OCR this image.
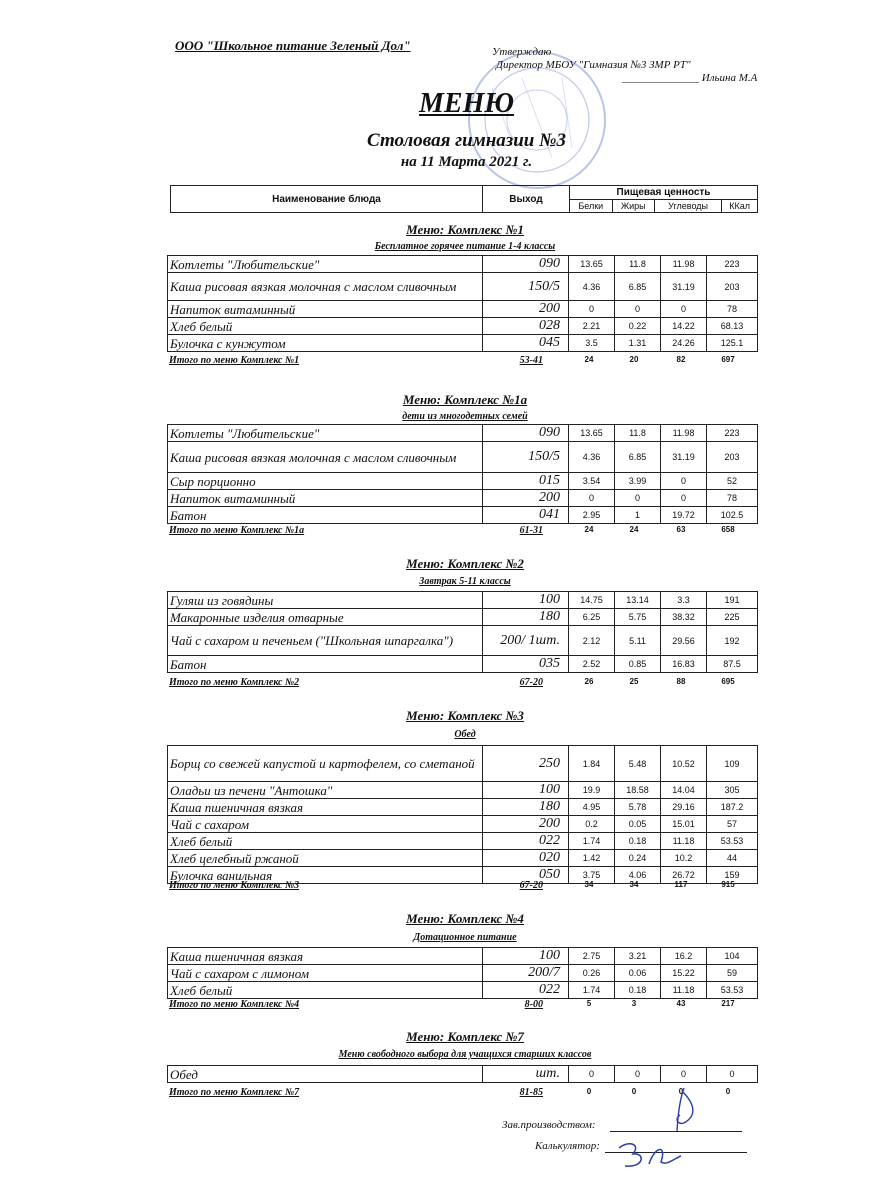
ООО "Школьное питание Зеленый Дол"	Утверждаю
Директор МБОУ "Гимназия №3 ЗМР РТ"
______________ Ильина М.А
МЕНЮ
Столовая гимназии №3
на 11 Марта 2021 г.
Наименование блюда	Выход	Пищевая ценность			
		Белки	Жиры	Углеводы	ККал
Меню: Комплекс №1
Бесплатное горячее питание 1-4 классы
Котлеты "Любительские"	090	13.65	11.8	11.98	223
Каша рисовая вязкая молочная с маслом сливочным	150/5	4.36	6.85	31.19	203
Напиток витаминный	200	0	0	0	78
Хлеб белый	028	2.21	0.22	14.22	68.13
Булочка с кунжутом	045	3.5	1.31	24.26	125.1
Итого по меню Комплекс №1	53-41	24	20	82	697
Меню: Комплекс №1а
дети из многодетных семей
Котлеты "Любительские"	090	13.65	11.8	11.98	223
Каша рисовая вязкая молочная с маслом сливочным	150/5	4.36	6.85	31.19	203
Сыр порционно	015	3.54	3.99	0	52
Напиток витаминный	200	0	0	0	78
Батон	041	2.95	1	19.72	102.5
Итого по меню Комплекс №1а	61-31	24	24	63	658
Меню: Комплекс №2
Завтрак 5-11 классы
Гуляш из говядины	100	14.75	13.14	3.3	191
Макаронные изделия отварные	180	6.25	5.75	38.32	225
Чай с сахаром и печеньем ("Школьная шпаргалка")	200/ 1шт.	2.12	5.11	29.56	192
Батон	035	2.52	0.85	16.83	87.5
Итого по меню Комплекс №2	67-20	26	25	88	695
Меню: Комплекс №3
Обед
Борщ со свежей капустой и картофелем, со сметаной	250	1.84	5.48	10.52	109
Оладьи из печени "Антошка"	100	19.9	18.58	14.04	305
Каша пшеничная вязкая	180	4.95	5.78	29.16	187.2
Чай с сахаром	200	0.2	0.05	15.01	57
Хлеб белый	022	1.74	0.18	11.18	53.53
Хлеб целебный ржаной	020	1.42	0.24	10.2	44
Булочка ванильная	050	3.75	4.06	26.72	159
Итого по меню Комплекс №3	67-20	34	34	117	915
Меню: Комплекс №4
Дотационное питание
Каша пшеничная вязкая	100	2.75	3.21	16.2	104
Чай с сахаром с лимоном	200/7	0.26	0.06	15.22	59
Хлеб белый	022	1.74	0.18	11.18	53.53
Итого по меню Комплекс №4	8-00	5	3	43	217
Меню: Комплекс №7
Меню свободного выбора для учащихся старших классов
Обед	шт.	0	0	0	0
Итого по меню Комплекс №7	81-85	0	0	0	0
Зав.производством:
Калькулятор:
